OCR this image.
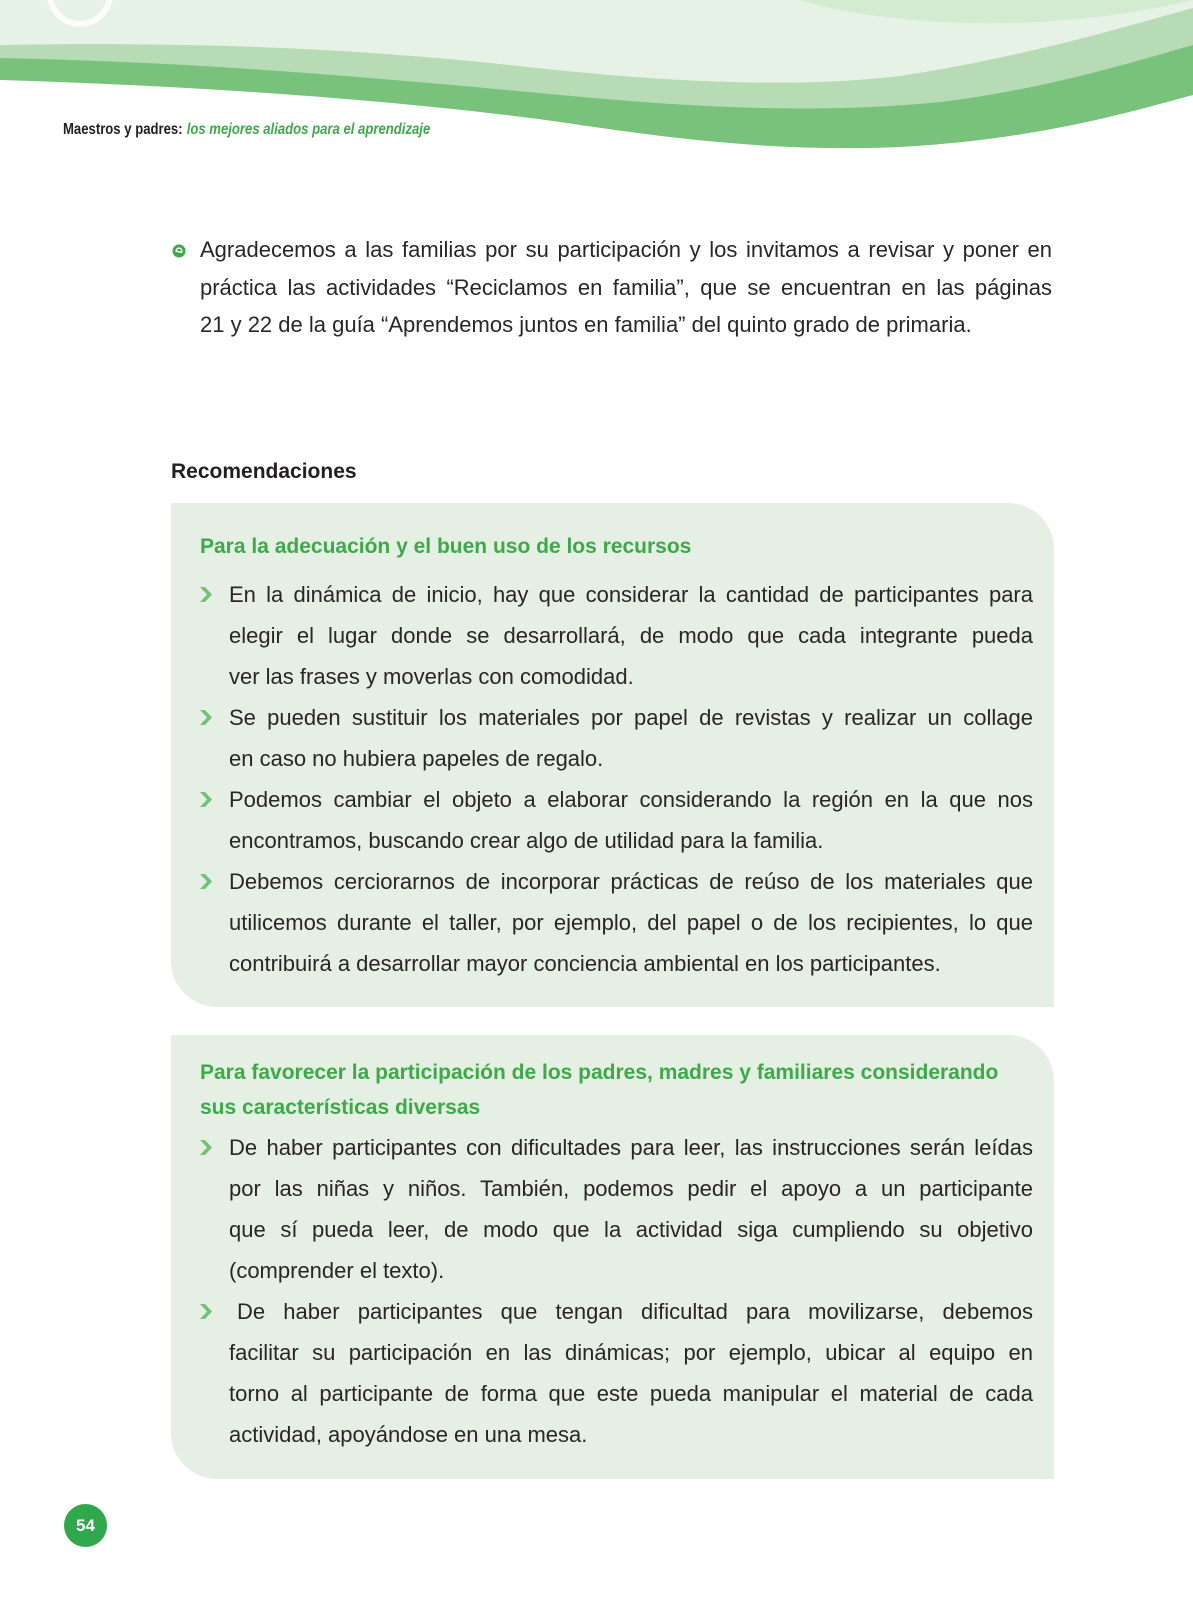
Maestros y padres: los mejores aliados para el aprendizaje
Agradecemos a las familias por su participación y los invitamos a revisar y poner en
práctica las actividades “Reciclamos en familia”, que se encuentran en las páginas
21 y 22 de la guía “Aprendemos juntos en familia” del quinto grado de primaria.
Recomendaciones
Para la adecuación y el buen uso de los recursos
En la dinámica de inicio, hay que considerar la cantidad de participantes para
elegir el lugar donde se desarrollará, de modo que cada integrante pueda
ver las frases y moverlas con comodidad.
Se pueden sustituir los materiales por papel de revistas y realizar un collage
en caso no hubiera papeles de regalo.
Podemos cambiar el objeto a elaborar considerando la región en la que nos
encontramos, buscando crear algo de utilidad para la familia.
Debemos cerciorarnos de incorporar prácticas de reúso de los materiales que
utilicemos durante el taller, por ejemplo, del papel o de los recipientes, lo que
contribuirá a desarrollar mayor conciencia ambiental en los participantes.
Para favorecer la participación de los padres, madres y familiares considerando sus características diversas
De haber participantes con dificultades para leer, las instrucciones serán leídas
por las niñas y niños. También, podemos pedir el apoyo a un participante
que sí pueda leer, de modo que la actividad siga cumpliendo su objetivo
(comprender el texto).
De haber participantes que tengan dificultad para movilizarse, debemos
facilitar su participación en las dinámicas; por ejemplo, ubicar al equipo en
torno al participante de forma que este pueda manipular el material de cada
actividad, apoyándose en una mesa.
54
